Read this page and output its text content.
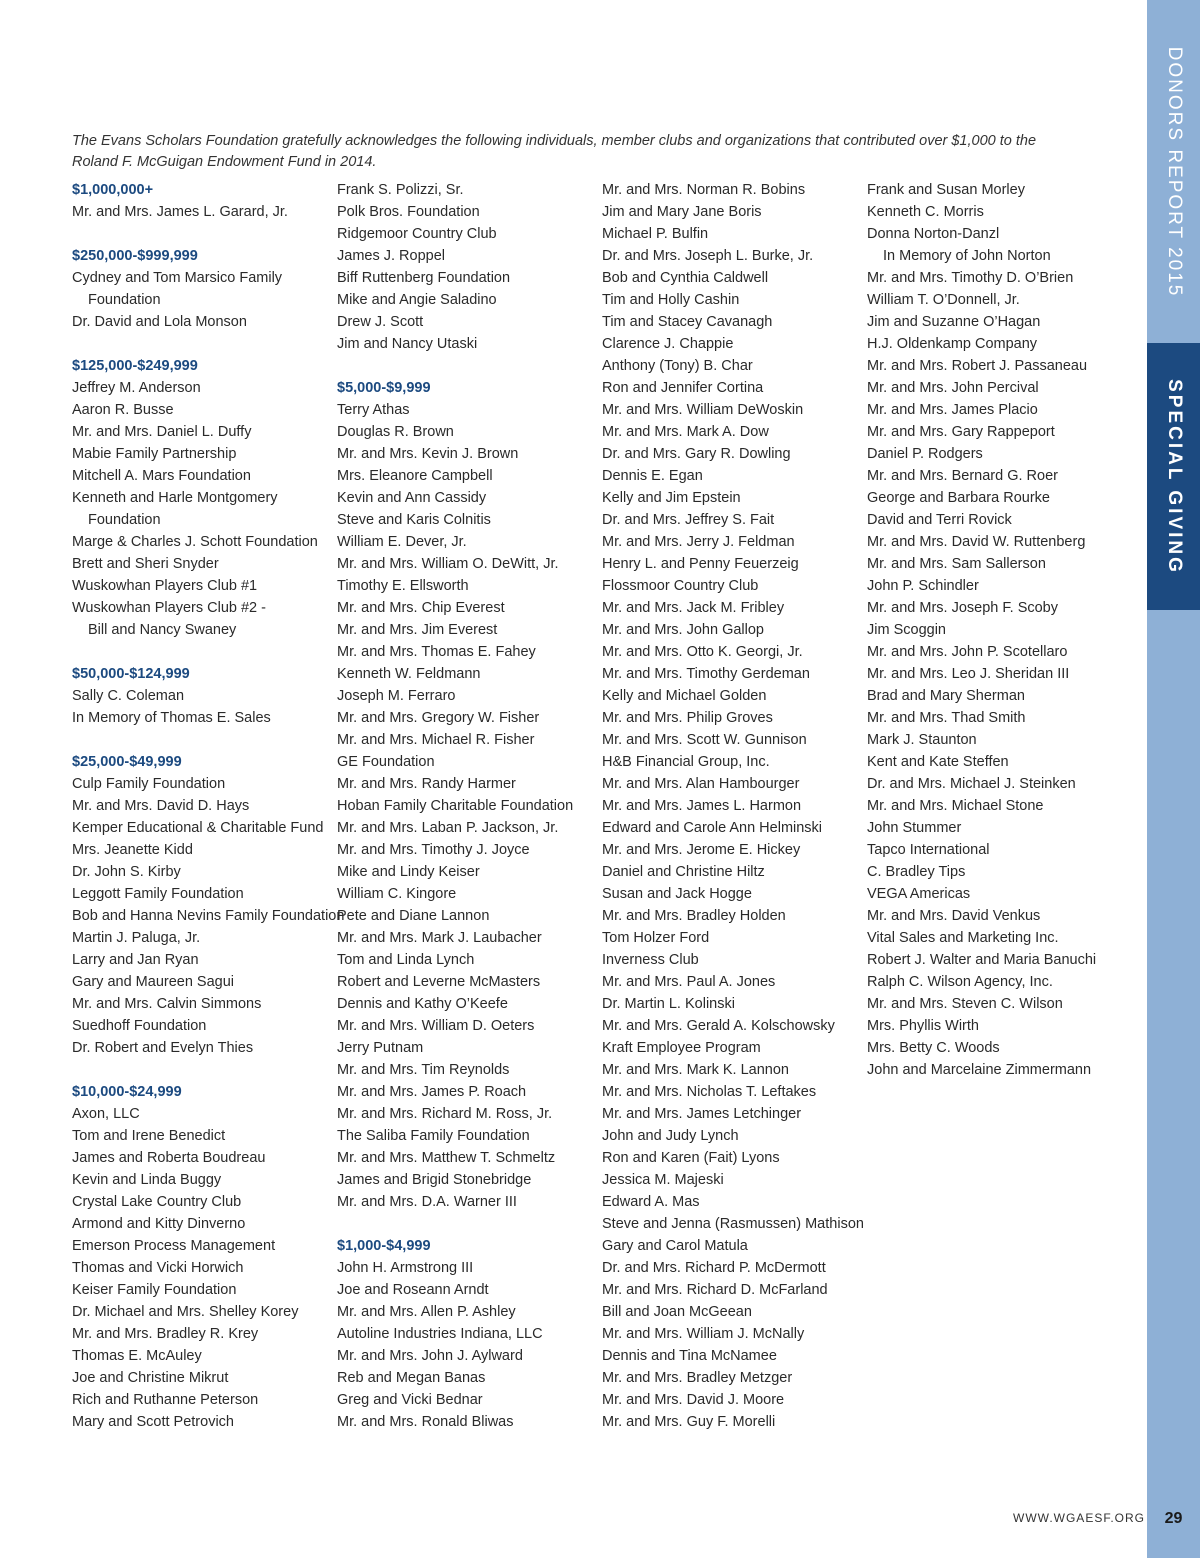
DONORS REPORT 2015
SPECIAL GIVING

The Evans Scholars Foundation gratefully acknowledges the following individuals, member clubs and organizations that contributed over $1,000 to the Roland F. McGuigan Endowment Fund in 2014.

$1,000,000+
Mr. and Mrs. James L. Garard, Jr.
$250,000-$999,999
Cydney and Tom Marsico Family
Foundation
Dr. David and Lola Monson
$125,000-$249,999
Jeffrey M. Anderson
Aaron R. Busse
Mr. and Mrs. Daniel L. Duffy
Mabie Family Partnership
Mitchell A. Mars Foundation
Kenneth and Harle Montgomery
Foundation
Marge & Charles J. Schott Foundation
Brett and Sheri Snyder
Wuskowhan Players Club #1
Wuskowhan Players Club #2 -
Bill and Nancy Swaney
$50,000-$124,999
Sally C. Coleman
In Memory of Thomas E. Sales
$25,000-$49,999
Culp Family Foundation
Mr. and Mrs. David D. Hays
Kemper Educational & Charitable Fund
Mrs. Jeanette Kidd
Dr. John S. Kirby
Leggott Family Foundation
Bob and Hanna Nevins Family Foundation
Martin J. Paluga, Jr.
Larry and Jan Ryan
Gary and Maureen Sagui
Mr. and Mrs. Calvin Simmons
Suedhoff Foundation
Dr. Robert and Evelyn Thies
$10,000-$24,999
Axon, LLC
Tom and Irene Benedict
James and Roberta Boudreau
Kevin and Linda Buggy
Crystal Lake Country Club
Armond and Kitty Dinverno
Emerson Process Management
Thomas and Vicki Horwich
Keiser Family Foundation
Dr. Michael and Mrs. Shelley Korey
Mr. and Mrs. Bradley R. Krey
Thomas E. McAuley
Joe and Christine Mikrut
Rich and Ruthanne Peterson
Mary and Scott Petrovich
Frank S. Polizzi, Sr.
Polk Bros. Foundation
Ridgemoor Country Club
James J. Roppel
Biff Ruttenberg Foundation
Mike and Angie Saladino
Drew J. Scott
Jim and Nancy Utaski
$5,000-$9,999
Terry Athas
Douglas R. Brown
Mr. and Mrs. Kevin J. Brown
Mrs. Eleanore Campbell
Kevin and Ann Cassidy
Steve and Karis Colnitis
William E. Dever, Jr.
Mr. and Mrs. William O. DeWitt, Jr.
Timothy E. Ellsworth
Mr. and Mrs. Chip Everest
Mr. and Mrs. Jim Everest
Mr. and Mrs. Thomas E. Fahey
Kenneth W. Feldmann
Joseph M. Ferraro
Mr. and Mrs. Gregory W. Fisher
Mr. and Mrs. Michael R. Fisher
GE Foundation
Mr. and Mrs. Randy Harmer
Hoban Family Charitable Foundation
Mr. and Mrs. Laban P. Jackson, Jr.
Mr. and Mrs. Timothy J. Joyce
Mike and Lindy Keiser
William C. Kingore
Pete and Diane Lannon
Mr. and Mrs. Mark J. Laubacher
Tom and Linda Lynch
Robert and Leverne McMasters
Dennis and Kathy O’Keefe
Mr. and Mrs. William D. Oeters
Jerry Putnam
Mr. and Mrs. Tim Reynolds
Mr. and Mrs. James P. Roach
Mr. and Mrs. Richard M. Ross, Jr.
The Saliba Family Foundation
Mr. and Mrs. Matthew T. Schmeltz
James and Brigid Stonebridge
Mr. and Mrs. D.A. Warner III
$1,000-$4,999
John H. Armstrong III
Joe and Roseann Arndt
Mr. and Mrs. Allen P. Ashley
Autoline Industries Indiana, LLC
Mr. and Mrs. John J. Aylward
Reb and Megan Banas
Greg and Vicki Bednar
Mr. and Mrs. Ronald Bliwas
Mr. and Mrs. Norman R. Bobins
Jim and Mary Jane Boris
Michael P. Bulfin
Dr. and Mrs. Joseph L. Burke, Jr.
Bob and Cynthia Caldwell
Tim and Holly Cashin
Tim and Stacey Cavanagh
Clarence J. Chappie
Anthony (Tony) B. Char
Ron and Jennifer Cortina
Mr. and Mrs. William DeWoskin
Mr. and Mrs. Mark A. Dow
Dr. and Mrs. Gary R. Dowling
Dennis E. Egan
Kelly and Jim Epstein
Dr. and Mrs. Jeffrey S. Fait
Mr. and Mrs. Jerry J. Feldman
Henry L. and Penny Feuerzeig
Flossmoor Country Club
Mr. and Mrs. Jack M. Fribley
Mr. and Mrs. John Gallop
Mr. and Mrs. Otto K. Georgi, Jr.
Mr. and Mrs. Timothy Gerdeman
Kelly and Michael Golden
Mr. and Mrs. Philip Groves
Mr. and Mrs. Scott W. Gunnison
H&B Financial Group, Inc.
Mr. and Mrs. Alan Hambourger
Mr. and Mrs. James L. Harmon
Edward and Carole Ann Helminski
Mr. and Mrs. Jerome E. Hickey
Daniel and Christine Hiltz
Susan and Jack Hogge
Mr. and Mrs. Bradley Holden
Tom Holzer Ford
Inverness Club
Mr. and Mrs. Paul A. Jones
Dr. Martin L. Kolinski
Mr. and Mrs. Gerald A. Kolschowsky
Kraft Employee Program
Mr. and Mrs. Mark K. Lannon
Mr. and Mrs. Nicholas T. Leftakes
Mr. and Mrs. James Letchinger
John and Judy Lynch
Ron and Karen (Fait) Lyons
Jessica M. Majeski
Edward A. Mas
Steve and Jenna (Rasmussen) Mathison
Gary and Carol Matula
Dr. and Mrs. Richard P. McDermott
Mr. and Mrs. Richard D. McFarland
Bill and Joan McGeean
Mr. and Mrs. William J. McNally
Dennis and Tina McNamee
Mr. and Mrs. Bradley Metzger
Mr. and Mrs. David J. Moore
Mr. and Mrs. Guy F. Morelli
Frank and Susan Morley
Kenneth C. Morris
Donna Norton-Danzl
In Memory of John Norton
Mr. and Mrs. Timothy D. O’Brien
William T. O’Donnell, Jr.
Jim and Suzanne O’Hagan
H.J. Oldenkamp Company
Mr. and Mrs. Robert J. Passaneau
Mr. and Mrs. John Percival
Mr. and Mrs. James Placio
Mr. and Mrs. Gary Rappeport
Daniel P. Rodgers
Mr. and Mrs. Bernard G. Roer
George and Barbara Rourke
David and Terri Rovick
Mr. and Mrs. David W. Ruttenberg
Mr. and Mrs. Sam Sallerson
John P. Schindler
Mr. and Mrs. Joseph F. Scoby
Jim Scoggin
Mr. and Mrs. John P. Scotellaro
Mr. and Mrs. Leo J. Sheridan III
Brad and Mary Sherman
Mr. and Mrs. Thad Smith
Mark J. Staunton
Kent and Kate Steffen
Dr. and Mrs. Michael J. Steinken
Mr. and Mrs. Michael Stone
John Stummer
Tapco International
C. Bradley Tips
VEGA Americas
Mr. and Mrs. David Venkus
Vital Sales and Marketing Inc.
Robert J. Walter and Maria Banuchi
Ralph C. Wilson Agency, Inc.
Mr. and Mrs. Steven C. Wilson
Mrs. Phyllis Wirth
Mrs. Betty C. Woods
John and Marcelaine Zimmermann
WWW.WGAESF.ORG	29
